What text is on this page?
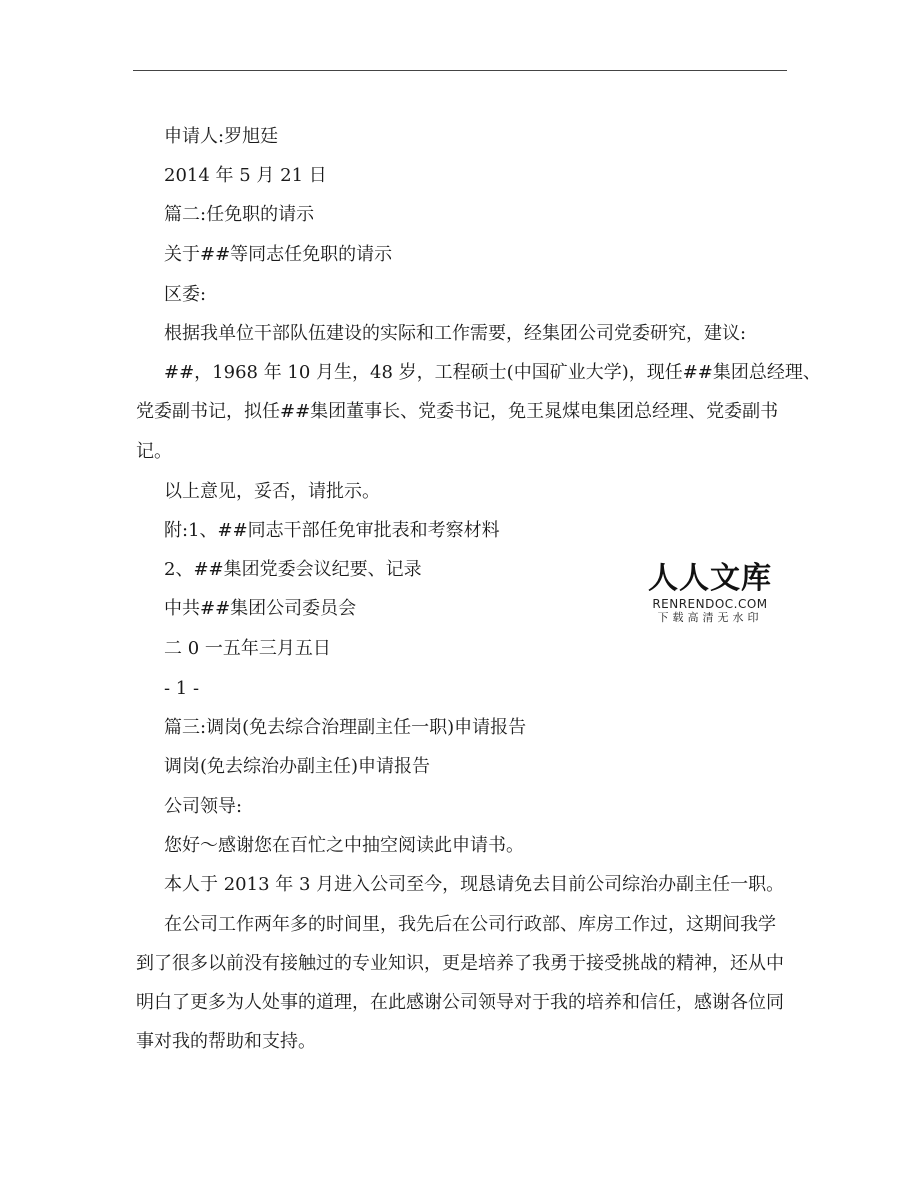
申请人:罗旭廷
2014 年 5 月 21 日
篇二:任免职的请示
关于##等同志任免职的请示
区委:
根据我单位干部队伍建设的实际和工作需要，经集团公司党委研究，建议:
##，1968 年 10 月生，48 岁，工程硕士(中国矿业大学)，现任##集团总经理、
党委副书记，拟任##集团董事长、党委书记，免王晁煤电集团总经理、党委副书
记。
以上意见，妥否，请批示。
附:1、##同志干部任免审批表和考察材料
2、##集团党委会议纪要、记录
中共##集团公司委员会
二 0 一五年三月五日
- 1 -
篇三:调岗(免去综合治理副主任一职)申请报告
调岗(免去综治办副主任)申请报告
公司领导:
您好～感谢您在百忙之中抽空阅读此申请书。
本人于 2013 年 3 月进入公司至今，现恳请免去目前公司综治办副主任一职。
在公司工作两年多的时间里，我先后在公司行政部、库房工作过，这期间我学
到了很多以前没有接触过的专业知识，更是培养了我勇于接受挑战的精神，还从中
明白了更多为人处事的道理，在此感谢公司领导对于我的培养和信任，感谢各位同
事对我的帮助和支持。
人人文库
RENRENDOC.COM
下载高清无水印
